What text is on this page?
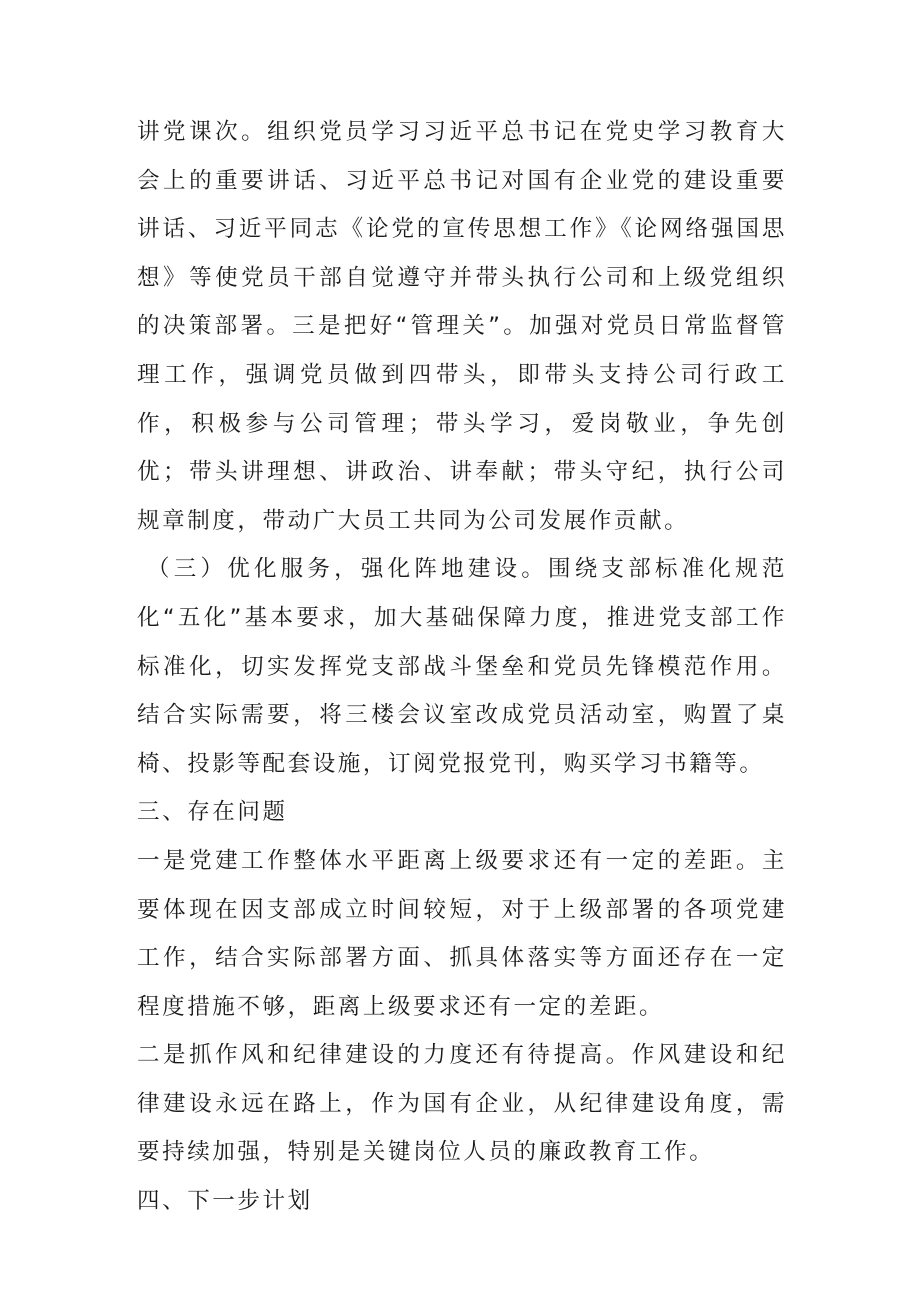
讲党课次。组织党员学习习近平总书记在党史学习教育大会上的重要讲话、习近平总书记对国有企业党的建设重要讲话、习近平同志《论党的宣传思想工作》《论网络强国思想》等使党员干部自觉遵守并带头执行公司和上级党组织的决策部署。三是把好“管理关”。加强对党员日常监督管理工作，强调党员做到四带头，即带头支持公司行政工作，积极参与公司管理；带头学习，爱岗敬业，争先创优；带头讲理想、讲政治、讲奉献；带头守纪，执行公司规章制度，带动广大员工共同为公司发展作贡献。

（三）优化服务，强化阵地建设。围绕支部标准化规范化“五化”基本要求，加大基础保障力度，推进党支部工作标准化，切实发挥党支部战斗堡垒和党员先锋模范作用。结合实际需要，将三楼会议室改成党员活动室，购置了桌椅、投影等配套设施，订阅党报党刊，购买学习书籍等。

三、存在问题

一是党建工作整体水平距离上级要求还有一定的差距。主要体现在因支部成立时间较短，对于上级部署的各项党建工作，结合实际部署方面、抓具体落实等方面还存在一定程度措施不够，距离上级要求还有一定的差距。

二是抓作风和纪律建设的力度还有待提高。作风建设和纪律建设永远在路上，作为国有企业，从纪律建设角度，需要持续加强，特别是关键岗位人员的廉政教育工作。

四、下一步计划
